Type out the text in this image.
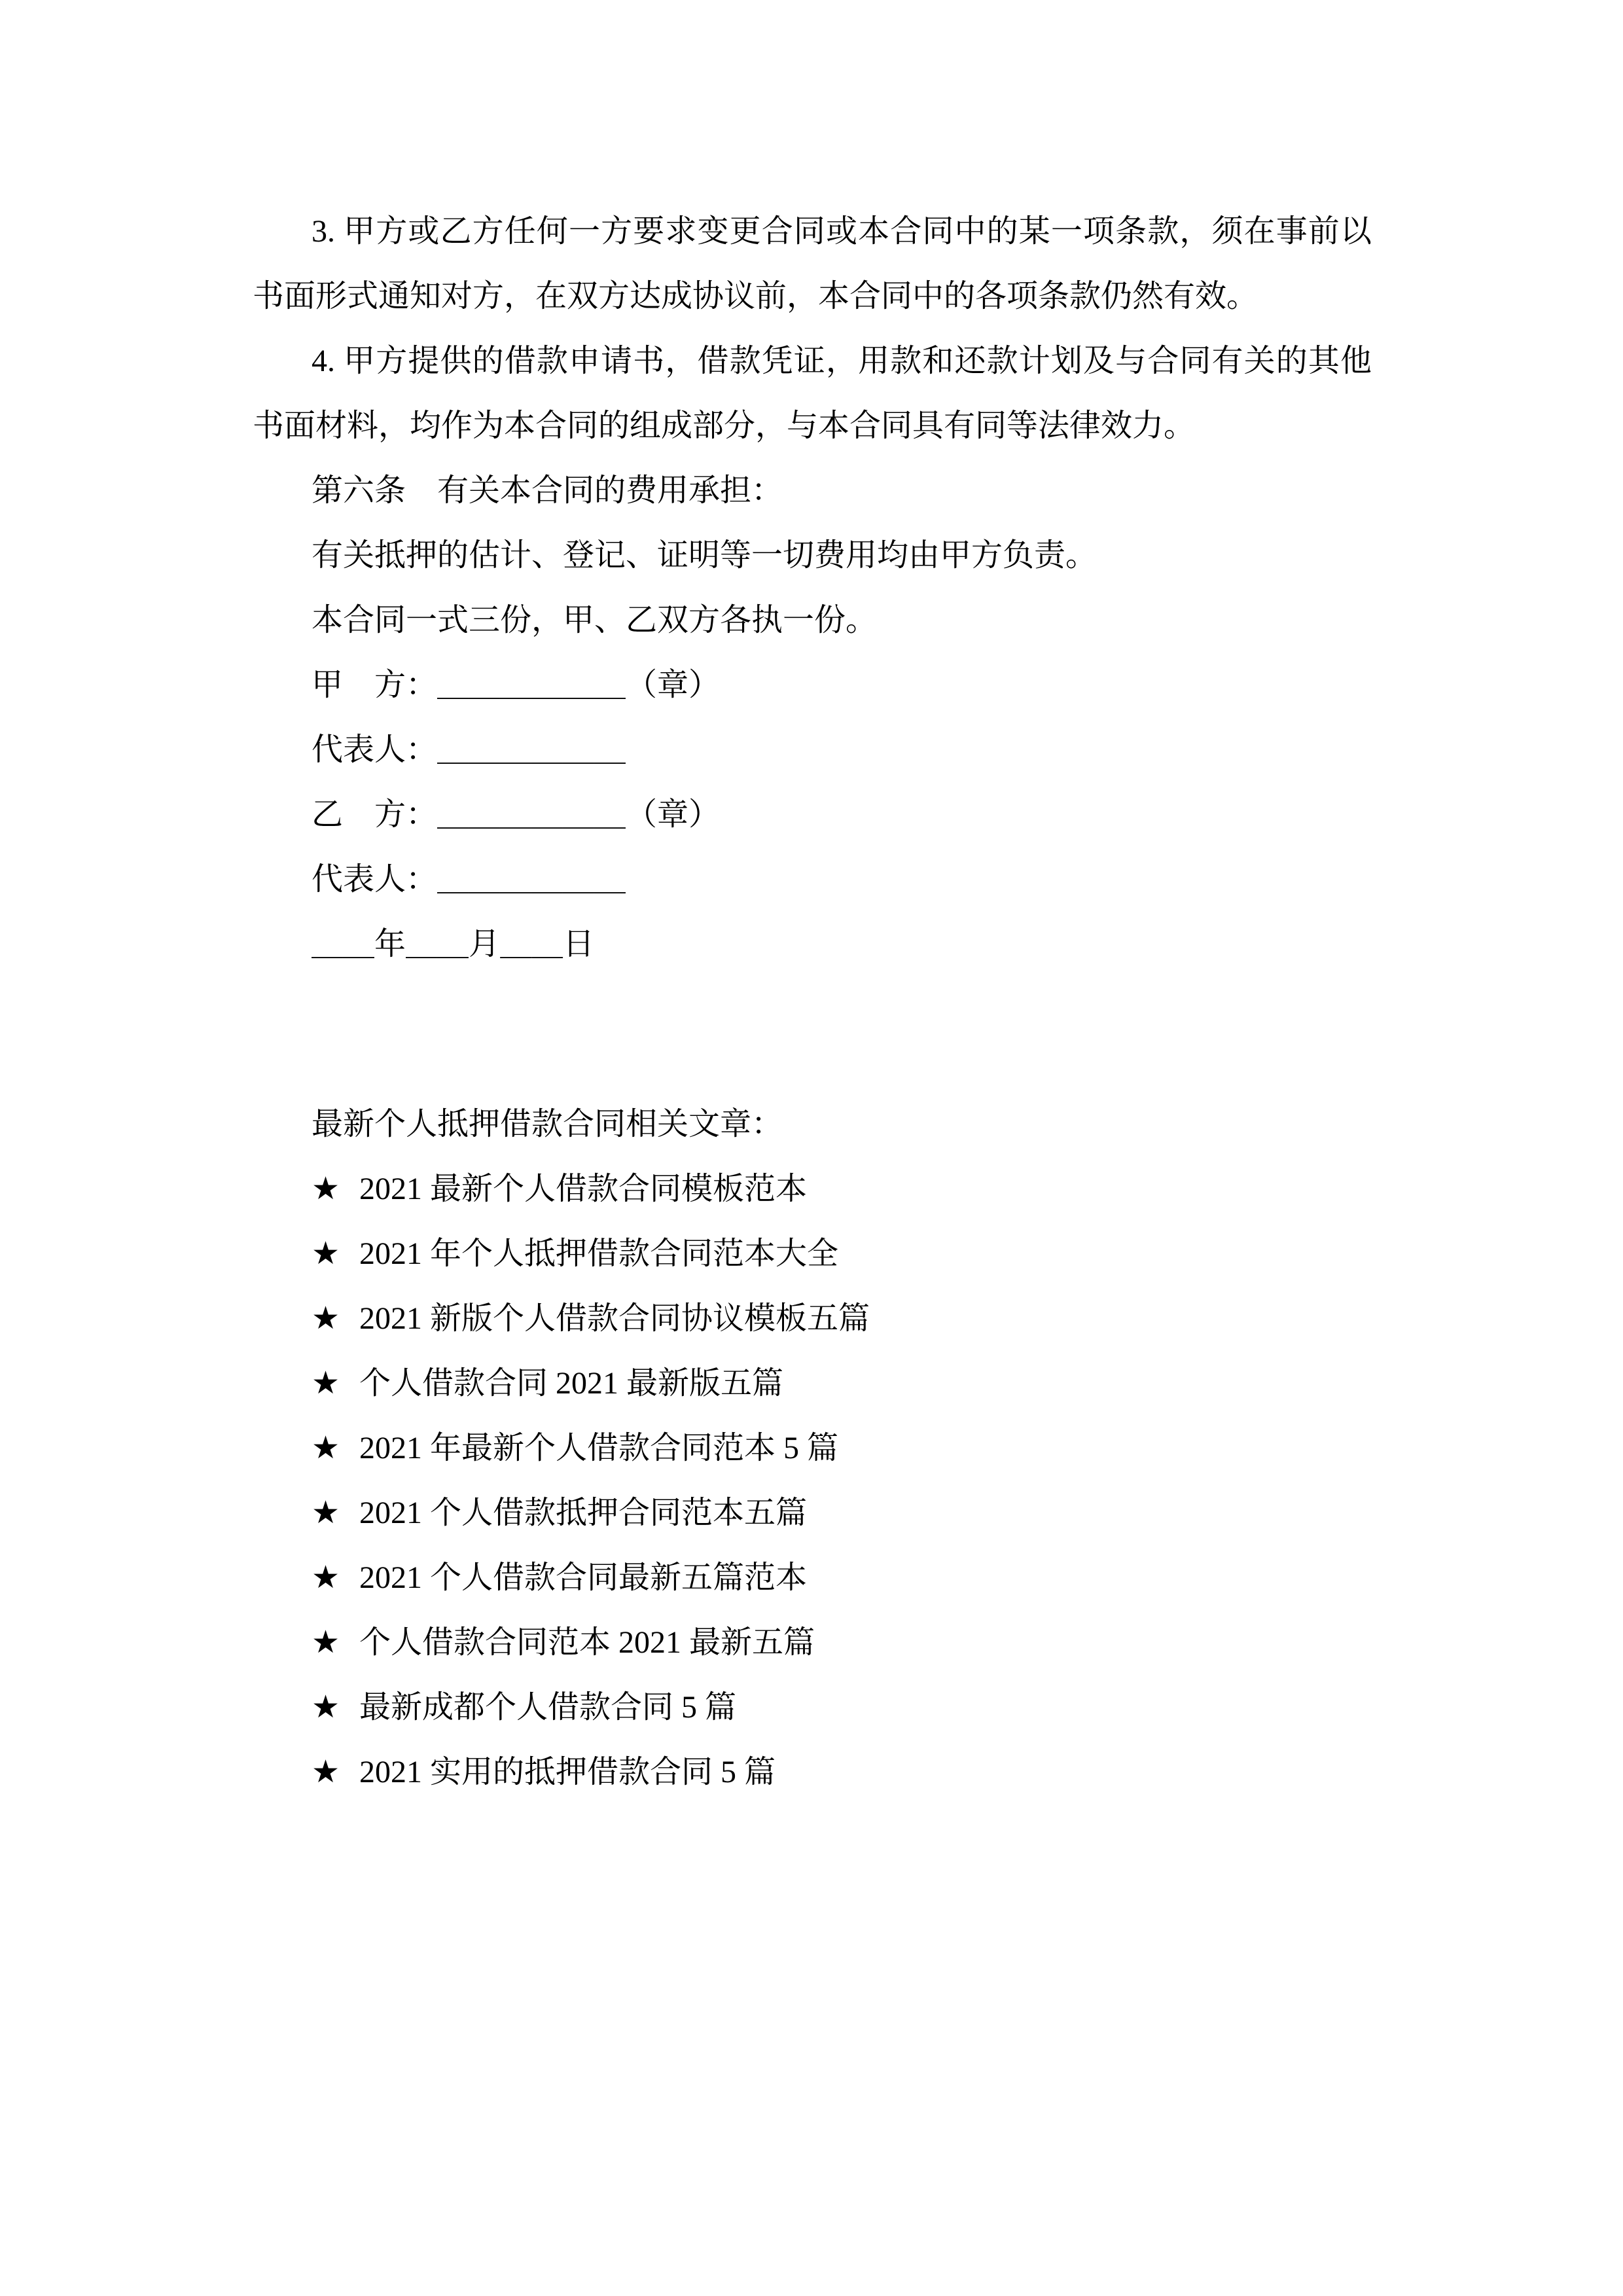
3. 甲方或乙方任何一方要求变更合同或本合同中的某一项条款，须在事前以书面形式通知对方，在双方达成协议前，本合同中的各项条款仍然有效。

4. 甲方提供的借款申请书，借款凭证，用款和还款计划及与合同有关的其他书面材料，均作为本合同的组成部分，与本合同具有同等法律效力。

第六条　有关本合同的费用承担：

有关抵押的估计、登记、证明等一切费用均由甲方负责。

本合同一式三份，甲、乙双方各执一份。

甲　方：＿＿＿＿＿＿（章）

代表人：＿＿＿＿＿＿

乙　方：＿＿＿＿＿＿（章）

代表人：＿＿＿＿＿＿

＿＿年＿＿月＿＿日

最新个人抵押借款合同相关文章：

★ 2021 最新个人借款合同模板范本

★ 2021 年个人抵押借款合同范本大全

★ 2021 新版个人借款合同协议模板五篇

★ 个人借款合同 2021 最新版五篇

★ 2021 年最新个人借款合同范本 5 篇

★ 2021 个人借款抵押合同范本五篇

★ 2021 个人借款合同最新五篇范本

★ 个人借款合同范本 2021 最新五篇

★ 最新成都个人借款合同 5 篇

★ 2021 实用的抵押借款合同 5 篇
